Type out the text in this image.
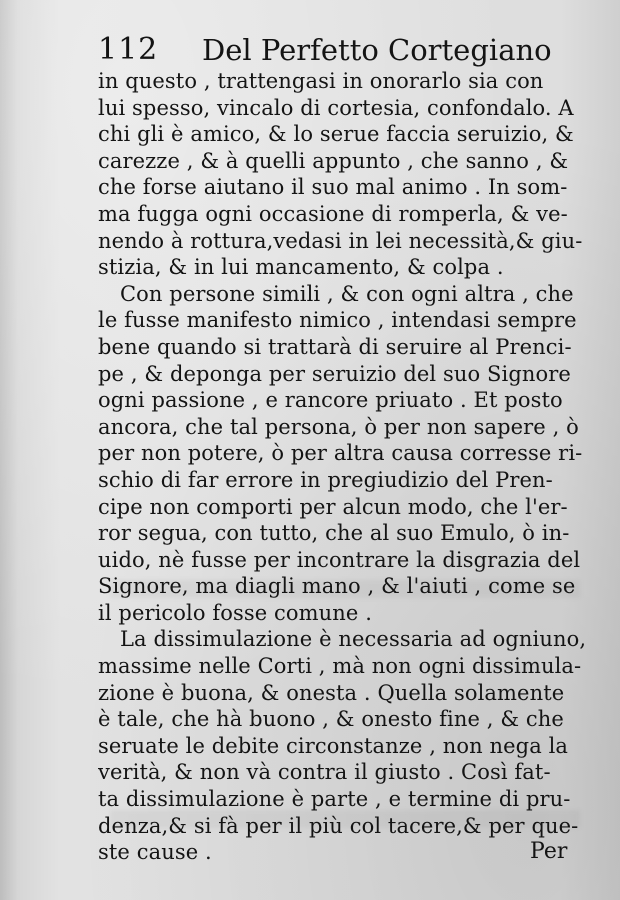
112 Del Perfetto Cortegiano
in questo , trattengasi in onorarlo sia con
lui spesso, vincalo di cortesia, confondalo. A
chi gli è amico, & lo serue faccia seruizio, &
carezze , & à quelli appunto , che sanno , &
che forse aiutano il suo mal animo . In som-
ma fugga ogni occasione di romperla, & ve-
nendo à rottura,vedasi in lei necessità,& giu-
stizia, & in lui mancamento, & colpa .
Con persone simili , & con ogni altra , che
le fusse manifesto nimico , intendasi sempre
bene quando si trattarà di seruire al Prenci-
pe , & deponga per seruizio del suo Signore
ogni passione , e rancore priuato . Et posto
ancora, che tal persona, ò per non sapere , ò
per non potere, ò per altra causa corresse ri-
schio di far errore in pregiudizio del Pren-
cipe non comporti per alcun modo, che l'er-
ror segua, con tutto, che al suo Emulo, ò in-
uido, nè fusse per incontrare la disgrazia del
Signore, ma diagli mano , & l'aiuti , come se
il pericolo fosse comune .
La dissimulazione è necessaria ad ogniuno,
massime nelle Corti , mà non ogni dissimula-
zione è buona, & onesta . Quella solamente
è tale, che hà buono , & onesto fine , & che
seruate le debite circonstanze , non nega la
verità, & non và contra il giusto . Così fat-
ta dissimulazione è parte , e termine di pru-
denza,& si fà per il più col tacere,& per que-
ste cause .	Per
